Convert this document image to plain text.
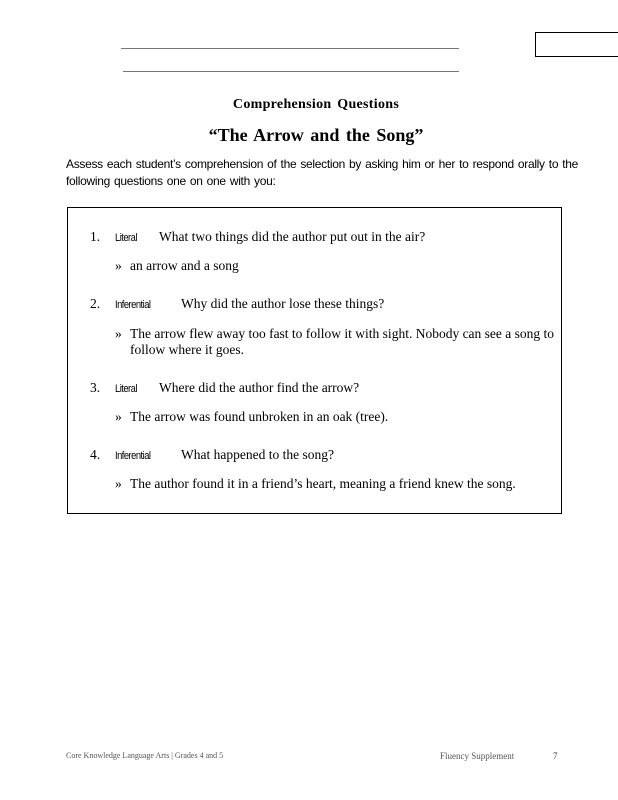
Comprehension Questions
“The Arrow and the Song”
Assess each student’s comprehension of the selection by asking him or her to respond orally to the following questions one on one with you:
1. Literal What two things did the author put out in the air?
» an arrow and a song
2. Inferential Why did the author lose these things?
» The arrow flew away too fast to follow it with sight. Nobody can see a song to follow where it goes.
3. Literal Where did the author find the arrow?
» The arrow was found unbroken in an oak (tree).
4. Inferential What happened to the song?
» The author found it in a friend’s heart, meaning a friend knew the song.
Core Knowledge Language Arts | Grades 4 and 5	Fluency Supplement	7
